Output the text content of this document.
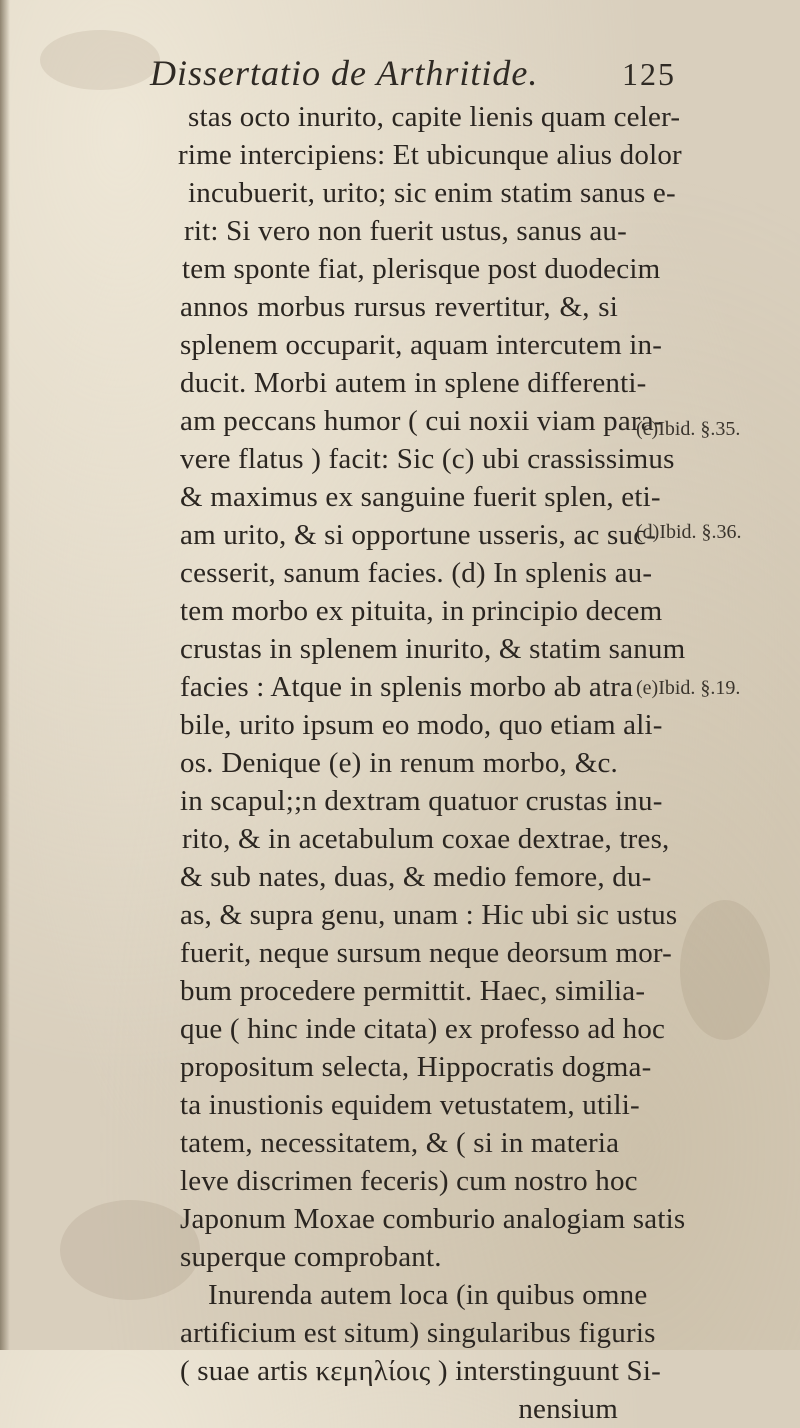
Dissertatio de Arthritide.	125
stas octo inurito, capite lienis quam celer-
rime intercipiens: Et ubicunque alius dolor
incubuerit, urito; sic enim statim sanus e-
rit: Si vero non fuerit ustus, sanus au-
tem sponte fiat, plerisque post duodecim
annos morbus rursus revertitur, &, si
splenem occuparit, aquam intercutem in-
ducit. Morbi autem in splene differenti-
am peccans humor ( cui noxii viam para-
vere flatus ) facit: Sic (c) ubi crassissimus
& maximus ex sanguine fuerit splen, eti-
am urito, & si opportune usseris, ac suc-
cesserit, sanum facies. (d) In splenis au-
tem morbo ex pituita, in principio decem
crustas in splenem inurito, & statim sanum
facies : Atque in splenis morbo ab atra
bile, urito ipsum eo modo, quo etiam ali-
os. Denique (e) in renum morbo, &c.
in scapul;;n dextram quatuor crustas inu-
rito, & in acetabulum coxae dextrae, tres,
& sub nates, duas, & medio femore, du-
as, & supra genu, unam : Hic ubi sic ustus
fuerit, neque sursum neque deorsum mor-
bum procedere permittit. Haec, similia-
que ( hinc inde citata) ex professo ad hoc
propositum selecta, Hippocratis dogma-
ta inustionis equidem vetustatem, utili-
tatem, necessitatem, & ( si in materia
leve discrimen feceris) cum nostro hoc
Japonum Moxae comburio analogiam satis
superque comprobant.
Inurenda autem loca (in quibus omne
artificium est situm) singularibus figuris
( suae artis κεμηλίοις ) interstinguunt Si-
nensium
(c)Ibid. §.35.
(d)Ibid. §.36.
(e)Ibid. §.19.
